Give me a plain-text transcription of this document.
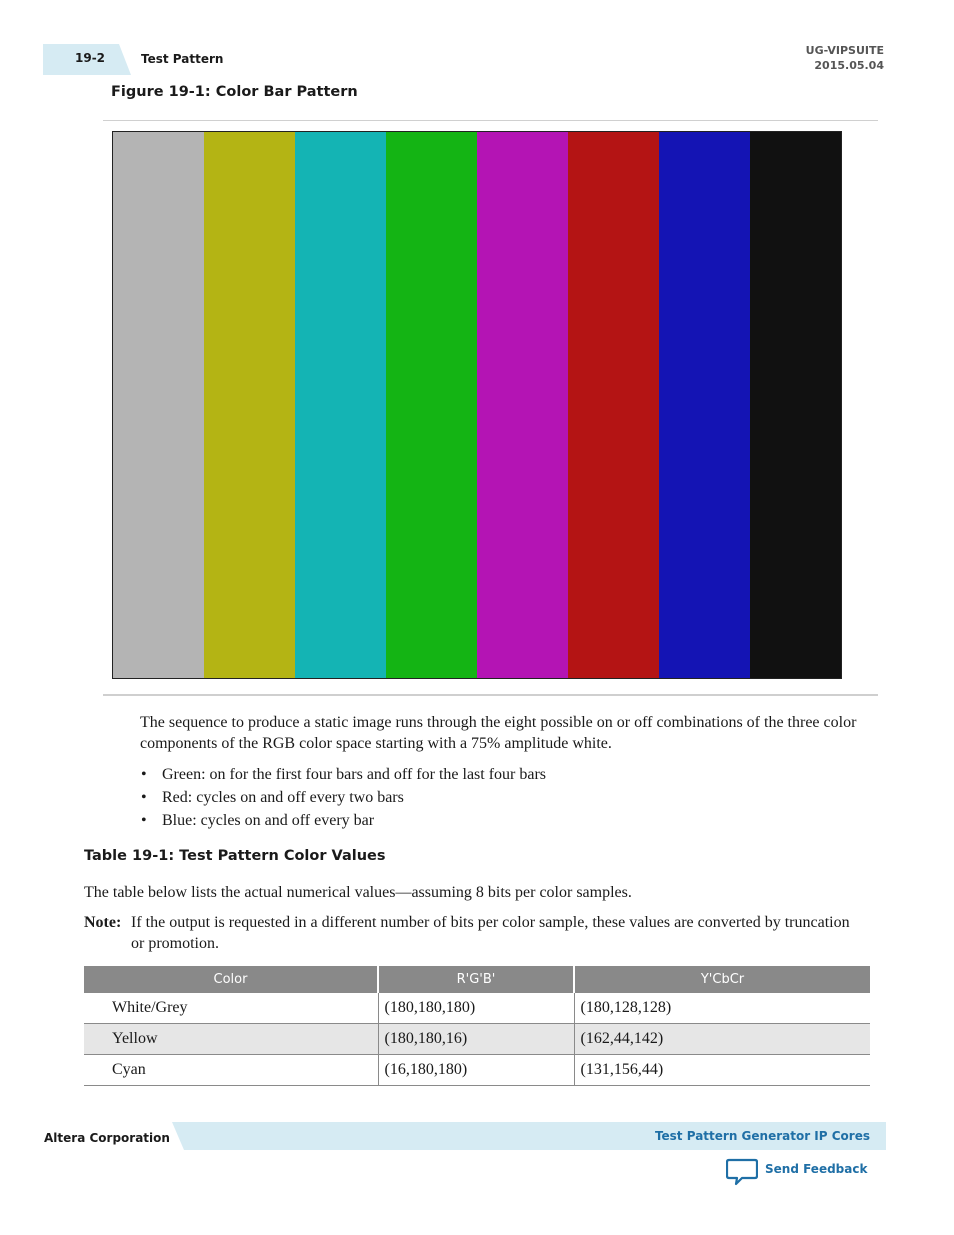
19-2	Test Pattern
UG-VIPSUITE
2015.05.04
Figure 19-1: Color Bar Pattern
The sequence to produce a static image runs through the eight possible on or off combinations of the three color components of the RGB color space starting with a 75% amplitude white.
• Green: on for the first four bars and off for the last four bars
• Red: cycles on and off every two bars
• Blue: cycles on and off every bar
Table 19-1: Test Pattern Color Values
The table below lists the actual numerical values—assuming 8 bits per color samples.
Note: If the output is requested in a different number of bits per color sample, these values are converted by truncation or promotion.
Color	R'G'B'	Y'CbCr
White/Grey	(180,180,180)	(180,128,128)
Yellow	(180,180,16)	(162,44,142)
Cyan	(16,180,180)	(131,156,44)
Altera Corporation	Test Pattern Generator IP Cores
Send Feedback
